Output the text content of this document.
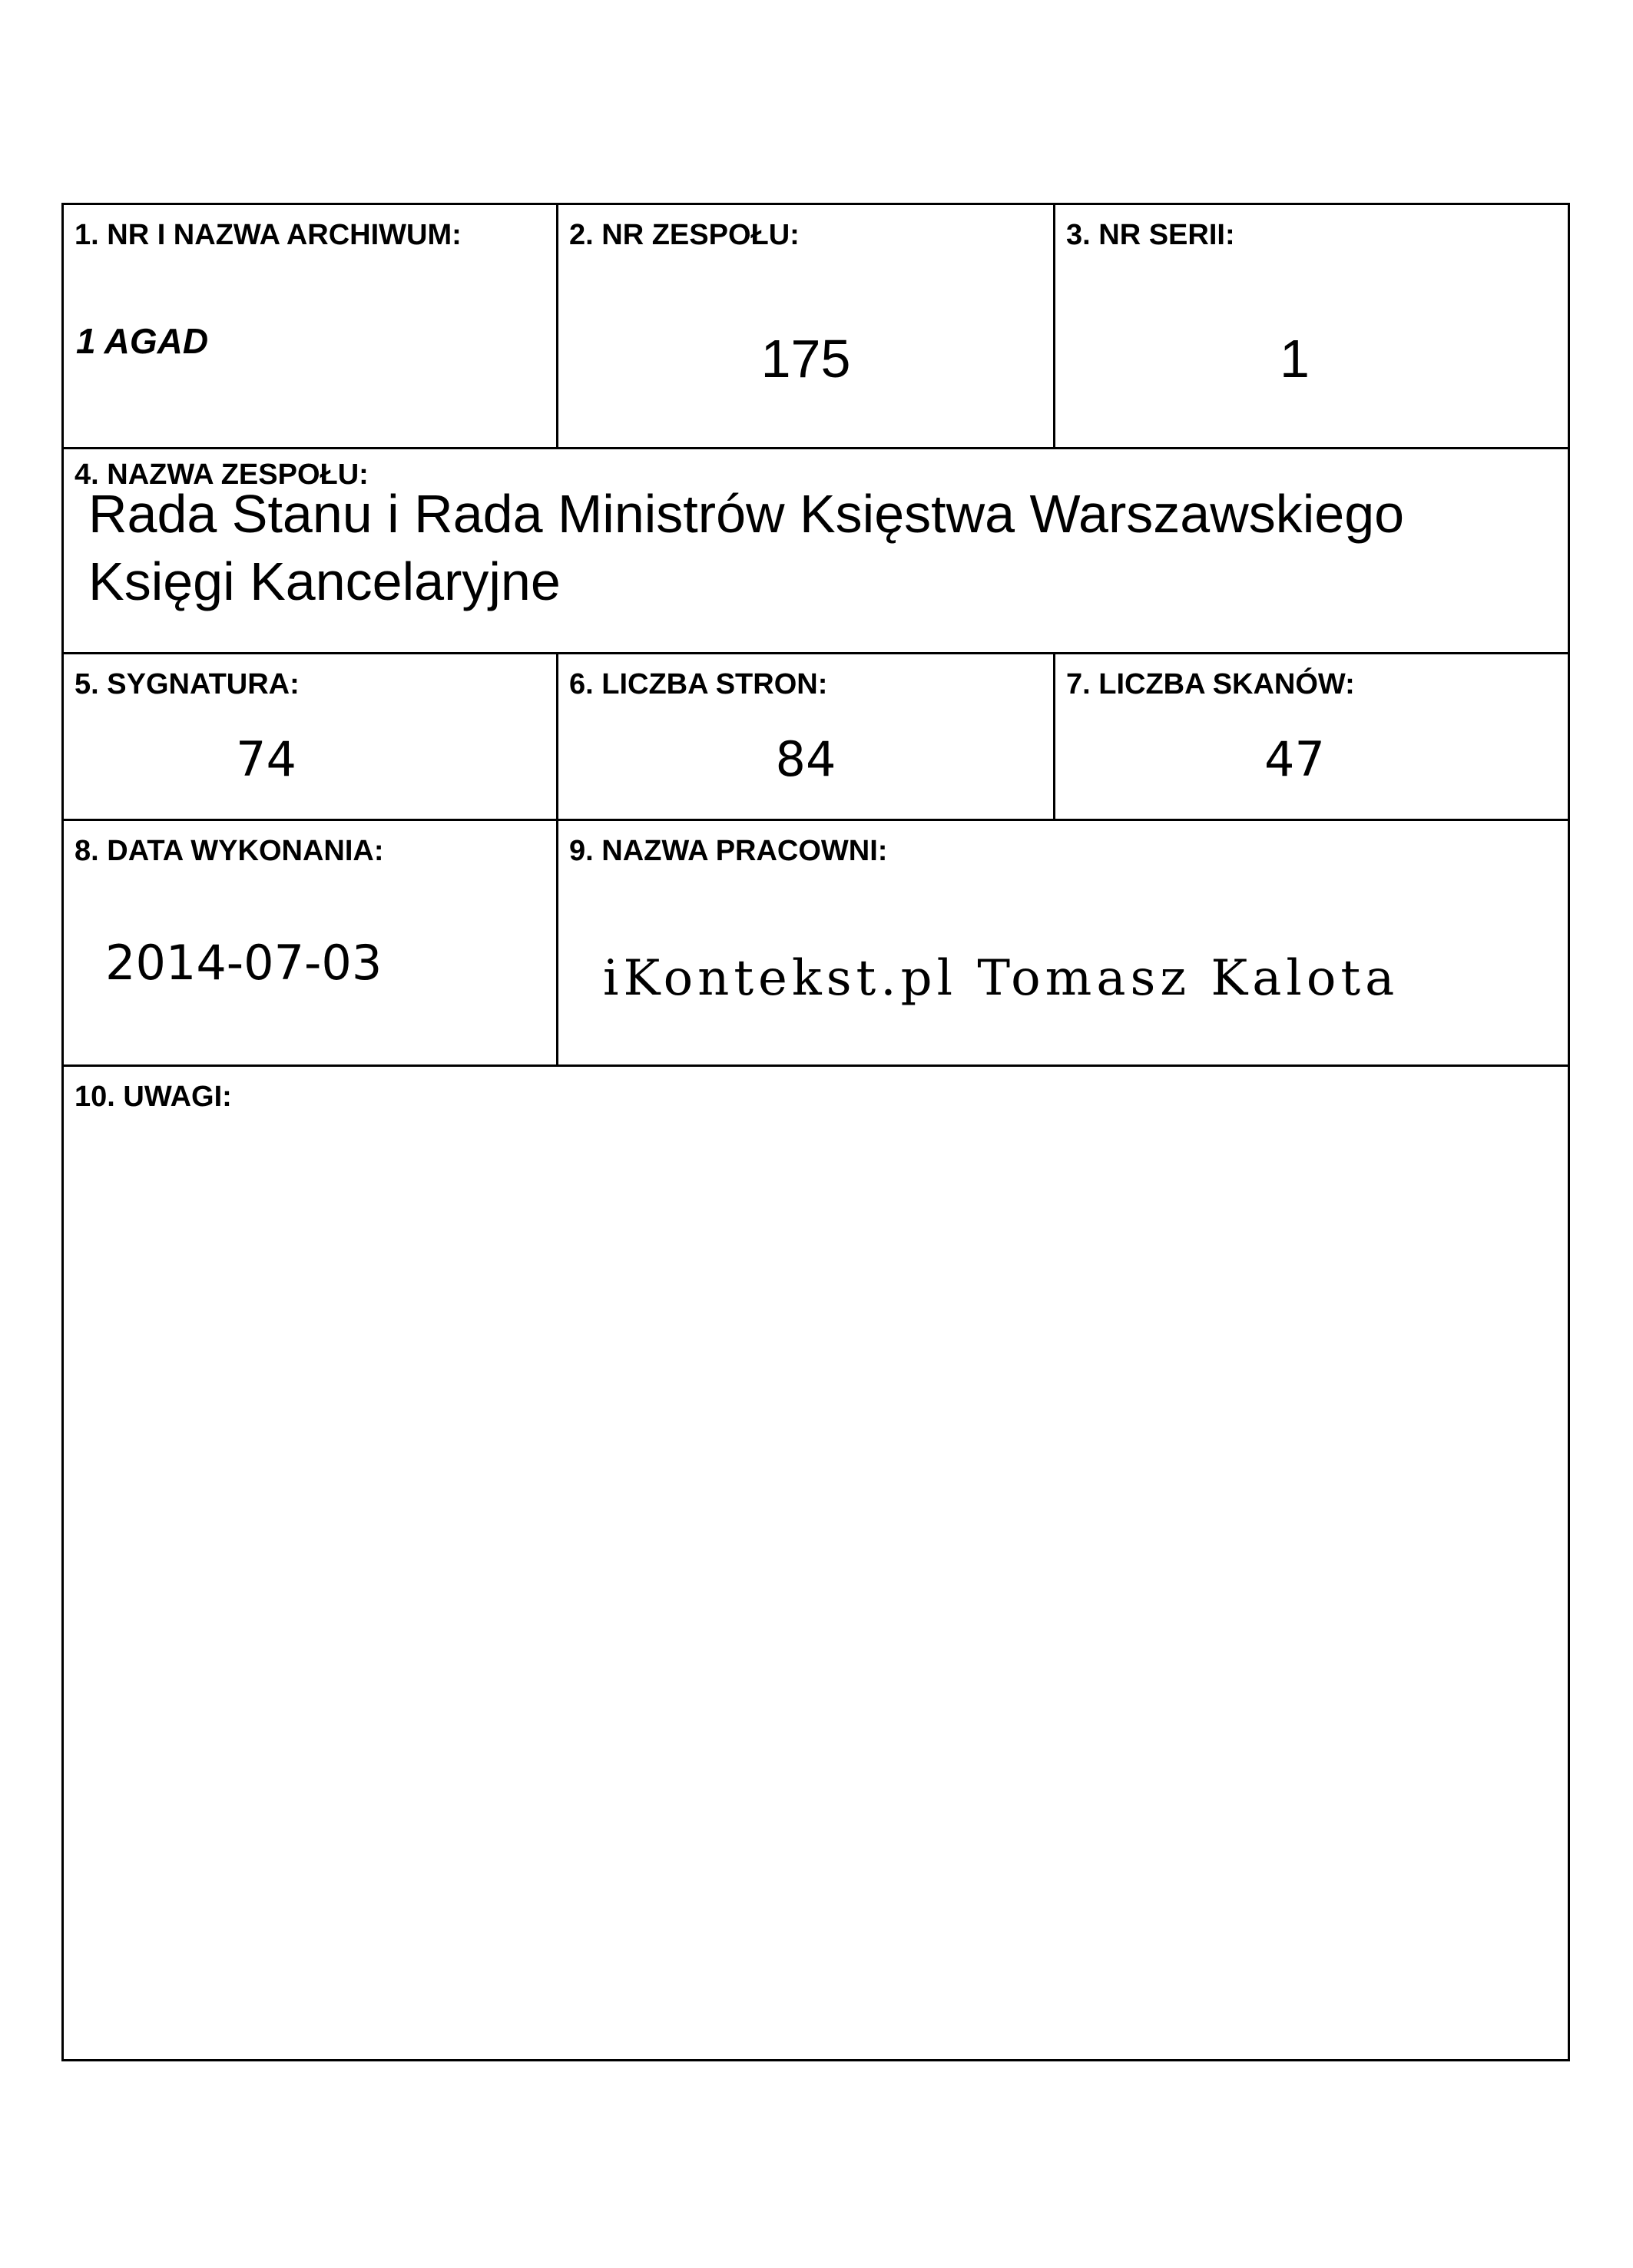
1. NR I NAZWA ARCHIWUM:
1 AGAD
2. NR ZESPOŁU:
175
3. NR SERII:
1
4. NAZWA ZESPOŁU:
Rada Stanu i Rada Ministrów Księstwa Warszawskiego
Księgi Kancelaryjne
5. SYGNATURA:
74
6. LICZBA STRON:
84
7. LICZBA SKANÓW:
47
8. DATA WYKONANIA:
2014-07-03
9. NAZWA PRACOWNI:
iKontekst.pl Tomasz Kalota
10. UWAGI:
